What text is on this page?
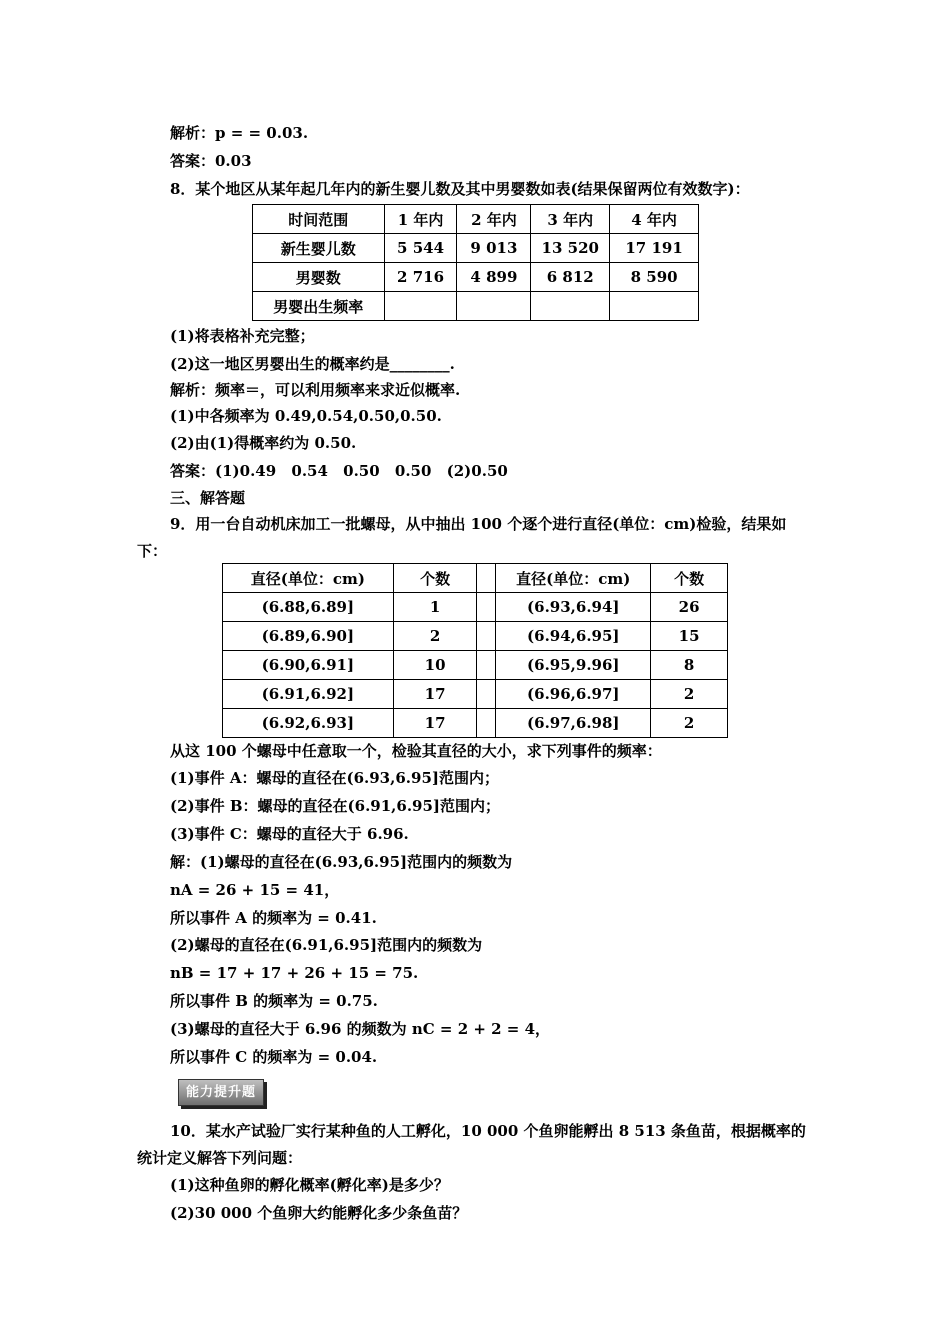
解析：p = = 0.03.
答案：0.03
8．某个地区从某年起几年内的新生婴儿数及其中男婴数如表(结果保留两位有效数字)：
时间范围	1 年内	2 年内	3 年内	4 年内
新生婴儿数	5 544	9 013	13 520	17 191
男婴数	2 716	4 899	6 812	8 590
男婴出生频率				
(1)将表格补充完整；
(2)这一地区男婴出生的概率约是________.
解析：频率＝，可以利用频率来求近似概率.
(1)中各频率为 0.49,0.54,0.50,0.50.
(2)由(1)得概率约为 0.50.
答案：(1)0.49 0.54 0.50 0.50 (2)0.50
三、解答题
9．用一台自动机床加工一批螺母，从中抽出 100 个逐个进行直径(单位：cm)检验，结果如
下：
直径(单位：cm)	个数		直径(单位：cm)	个数
(6.88,6.89]	1		(6.93,6.94]	26
(6.89,6.90]	2		(6.94,6.95]	15
(6.90,6.91]	10		(6.95,9.96]	8
(6.91,6.92]	17		(6.96,6.97]	2
(6.92,6.93]	17		(6.97,6.98]	2
从这 100 个螺母中任意取一个，检验其直径的大小，求下列事件的频率：
(1)事件 A：螺母的直径在(6.93,6.95]范围内；
(2)事件 B：螺母的直径在(6.91,6.95]范围内；
(3)事件 C：螺母的直径大于 6.96.
解：(1)螺母的直径在(6.93,6.95]范围内的频数为
nA = 26 + 15 = 41，
所以事件 A 的频率为 = 0.41.
(2)螺母的直径在(6.91,6.95]范围内的频数为
nB = 17 + 17 + 26 + 15 = 75.
所以事件 B 的频率为 = 0.75.
(3)螺母的直径大于 6.96 的频数为 nC = 2 + 2 = 4，
所以事件 C 的频率为 = 0.04.
能力提升题
10．某水产试验厂实行某种鱼的人工孵化，10 000 个鱼卵能孵出 8 513 条鱼苗，根据概率的
统计定义解答下列问题：
(1)这种鱼卵的孵化概率(孵化率)是多少？
(2)30 000 个鱼卵大约能孵化多少条鱼苗？
